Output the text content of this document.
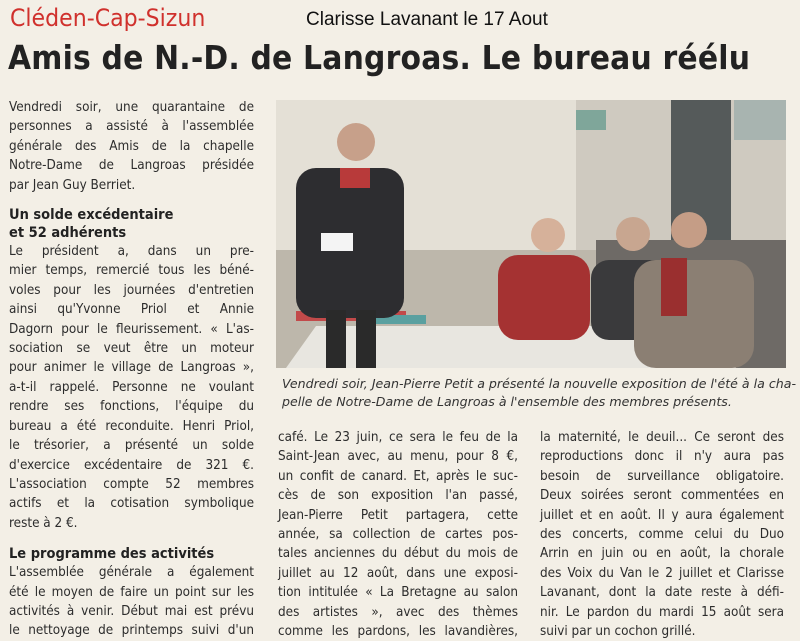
Cléden-Cap-Sizun	Clarisse Lavanant le 17 Aout
Amis de N.-D. de Langroas. Le bureau réélu

Vendredi soir, une quarantaine de
personnes a assisté à l'assemblée
générale des Amis de la chapelle
Notre-Dame de Langroas présidée
par Jean Guy Berriet.

Un solde excédentaire
et 52 adhérents

Le président a, dans un pre-
mier temps, remercié tous les béné-
voles pour les journées d'entretien
ainsi qu'Yvonne Priol et Annie
Dagorn pour le fleurissement. « L'as-
sociation se veut être un moteur
pour animer le village de Langroas »,
a-t-il rappelé. Personne ne voulant
rendre ses fonctions, l'équipe du
bureau a été reconduite. Henri Priol,
le trésorier, a présenté un solde
d'exercice excédentaire de 321 €.
L'association compte 52 membres
actifs et la cotisation symbolique
reste à 2 €.

Le programme des activités

L'assemblée générale a également
été le moyen de faire un point sur les
activités à venir. Début mai est prévu
le nettoyage de printemps suivi d'un

Vendredi soir, Jean-Pierre Petit a présenté la nouvelle exposition de l'été à la cha-
pelle de Notre-Dame de Langroas à l'ensemble des membres présents.

café. Le 23 juin, ce sera le feu de la
Saint-Jean avec, au menu, pour 8 €,
un confit de canard. Et, après le suc-
cès de son exposition l'an passé,
Jean-Pierre Petit partagera, cette
année, sa collection de cartes pos-
tales anciennes du début du mois de
juillet au 12 août, dans une exposi-
tion intitulée « La Bretagne au salon
des artistes », avec des thèmes
comme les pardons, les lavandières,

la maternité, le deuil... Ce seront des
reproductions donc il n'y aura pas
besoin de surveillance obligatoire.
Deux soirées seront commentées en
juillet et en août. Il y aura également
des concerts, comme celui du Duo
Arrin en juin ou en août, la chorale
des Voix du Van le 2 juillet et Clarisse
Lavanant, dont la date reste à défi-
nir. Le pardon du mardi 15 août sera
suivi par un cochon grillé.
